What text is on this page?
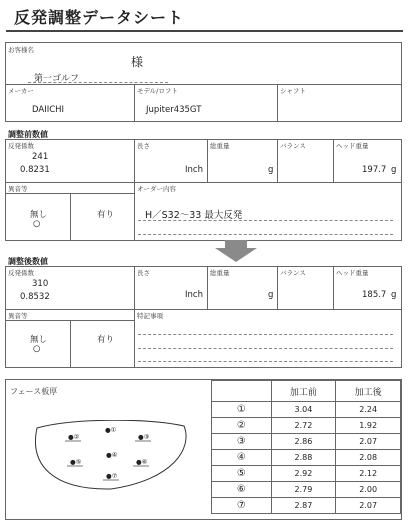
反発調整データシート
お客様名
様
第一ゴルフ
メーカー
DAIICHI
モデル/ロフト
Jupiter435GT
シャフト
調整前数値
反発係数
241
0.8231
長さ
Inch
総重量
g
バランス	ヘッド重量
197.7 g
異音等
無し
○
有り
オーダー内容
H／S32〜33 最大反発
調整後数値
反発係数
310
0.8532
長さ
Inch
総重量
g
バランス	ヘッド重量
185.7 g
異音等
無し
○
有り
特記事項
フェース板厚
●①
●②	●③
●④
●⑤	●⑥
●⑦
	加工前	加工後
①	3.04	2.24
②	2.72	1.92
③	2.86	2.07
④	2.88	2.08
⑤	2.92	2.12
⑥	2.79	2.00
⑦	2.87	2.07
